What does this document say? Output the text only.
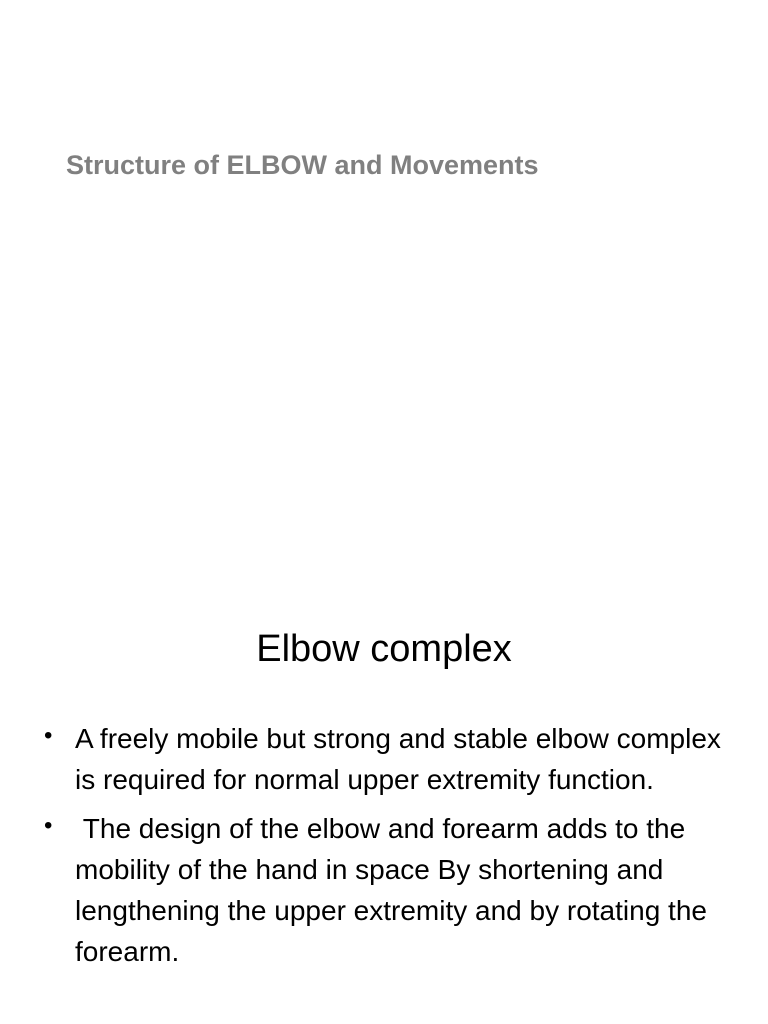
Structure of ELBOW and Movements
Elbow complex
• A freely mobile but strong and stable elbow complex is required for normal upper extremity function.
• The design of the elbow and forearm adds to the mobility of the hand in space By shortening and lengthening the upper extremity and by rotating the forearm.
